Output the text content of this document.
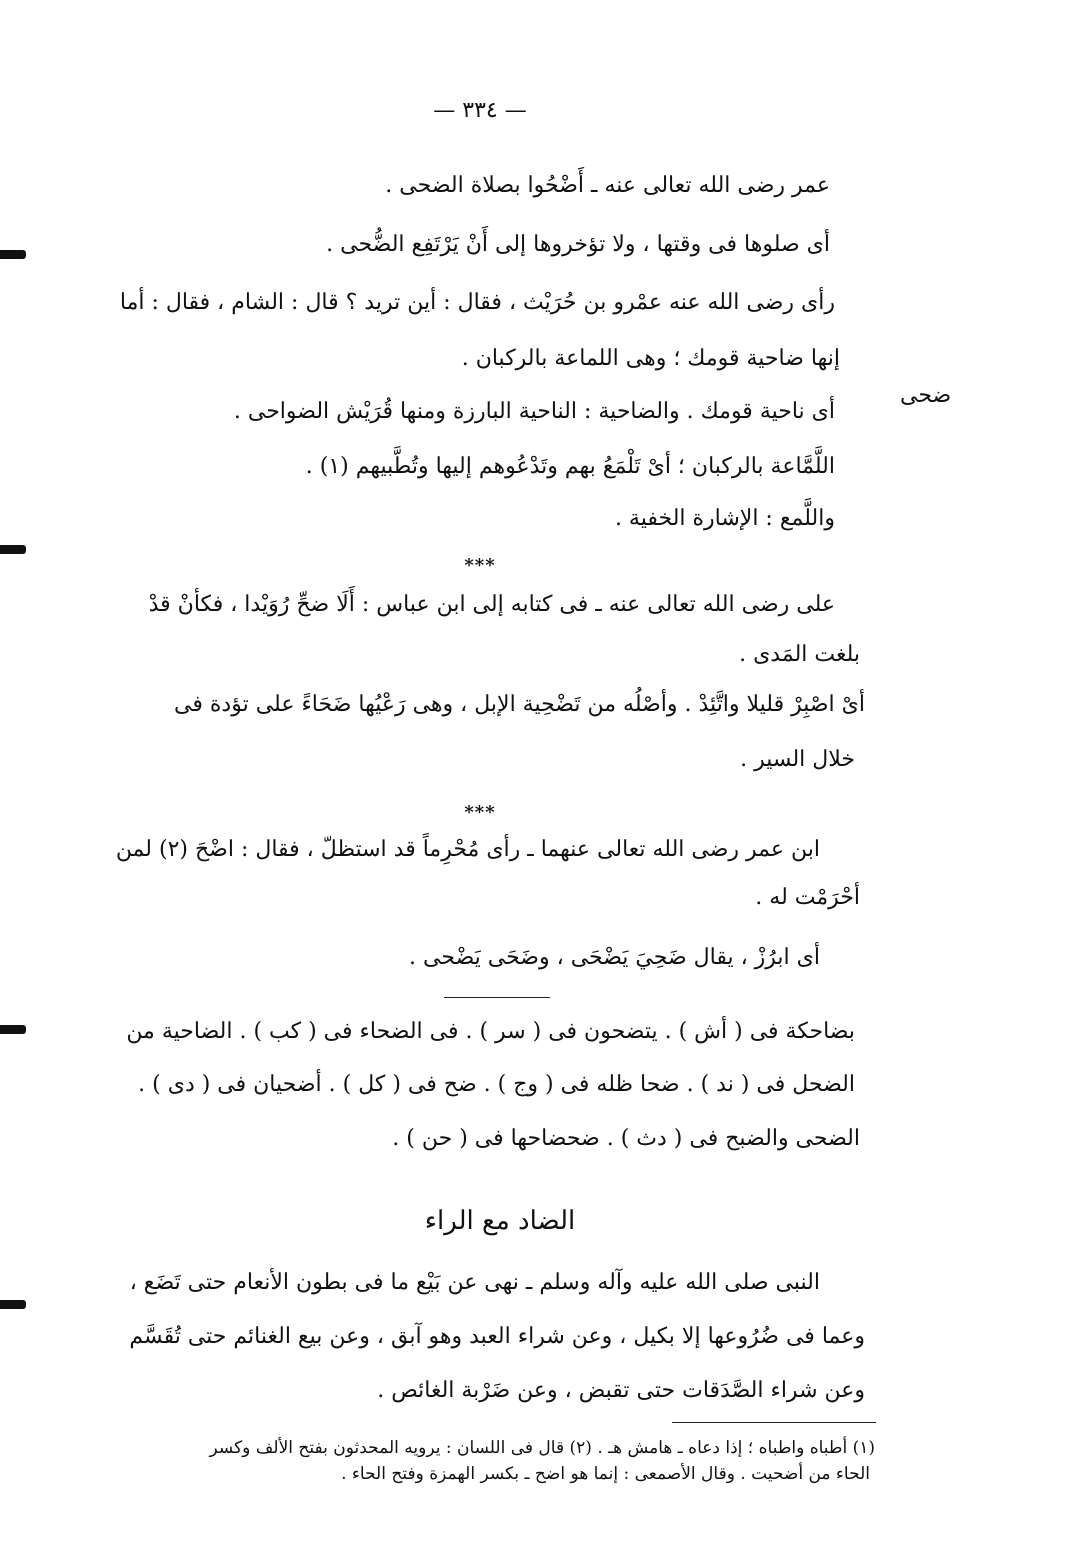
— ٣٣٤ —
ضحى
عمر رضى الله تعالى عنه ـ أَضْحُوا بصلاة الضحى .
أى صلوها فى وقتها ، ولا تؤخروها إلى أَنْ يَرْتَفِع الضُّحى .
رأى رضى الله عنه عمْرو بن حُرَيْث ، فقال : أين تريد ؟ قال : الشام ، فقال : أما
إنها ضاحية قومك ؛ وهى اللماعة بالركبان .
أى ناحية قومك . والضاحية : الناحية البارزة ومنها قُرَيْش الضواحى .
اللَّمَّاعة بالركبان ؛ أىْ تَلْمَعُ بهم وتَدْعُوهم إليها وتُطَّبيهم (١) .
واللَّمع : الإشارة الخفية .
***
على رضى الله تعالى عنه ـ فى كتابه إلى ابن عباس : أَلَا ضحِّ رُوَيْدا ، فكأنْ قدْ
بلغت المَدى .
أىْ اصْبِرْ قليلا واتَّئِدْ . وأصْلُه من تَضْحِية الإبل ، وهى رَعْيُها ضَحَاءً على تؤدة فى
خلال السير .
***
ابن عمر رضى الله تعالى عنهما ـ رأى مُحْرِماً قد استظلّ ، فقال : اضْحَ (٢) لمن
أحْرَمْت له .
أى ابرُزْ ، يقال ضَحِيَ يَضْحَى ، وضَحَى يَضْحى .
بضاحكة فى ( أش ) . يتضحون فى ( سر ) . فى الضحاء فى ( كب ) . الضاحية من
الضحل فى ( ند ) . ضحا ظله فى ( وج ) . ضح فى ( كل ) . أضحيان فى ( دى ) .
الضحى والضبح فى ( دث ) . ضحضاحها فى ( حن ) .
الضاد مع الراء
النبى صلى الله عليه وآله وسلم ـ نهى عن بَيْع ما فى بطون الأنعام حتى تَضَع ،
وعما فى ضُرُوعها إلا بكيل ، وعن شراء العبد وهو آبق ، وعن بيع الغنائم حتى تُقَسَّم
وعن شراء الصَّدَقات حتى تقبض ، وعن ضَرْبة الغائص .
(١) أطباه واطباه ؛ إذا دعاه ـ هامش هـ . (٢) قال فى اللسان : يرويه المحدثون بفتح الألف وكسر
الحاء من أضحيت . وقال الأصمعى : إنما هو اضح ـ بكسر الهمزة وفتح الحاء .
